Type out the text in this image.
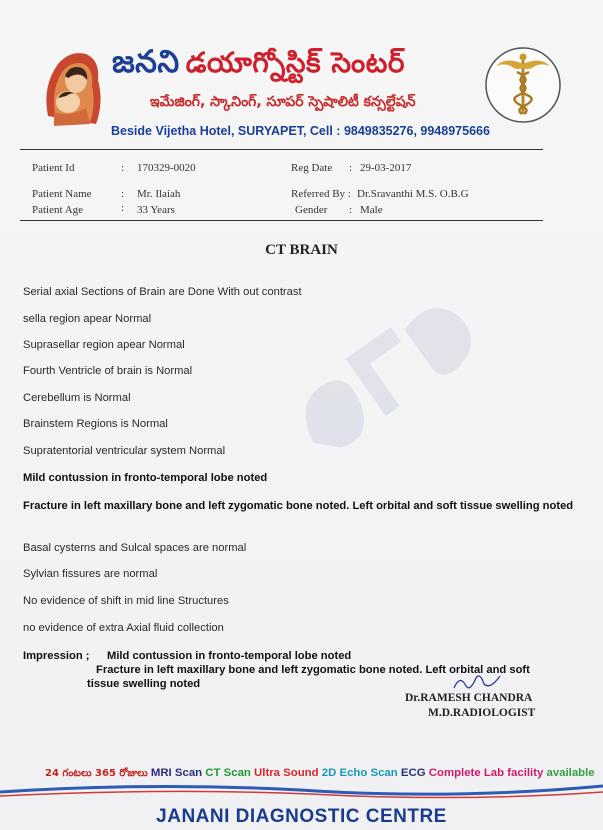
జనని డయాగ్నోస్టిక్ సెంటర్
ఇమేజింగ్, స్కానింగ్, సూపర్ స్పెషాలిటీ కన్సల్టేషన్
Beside Vijetha Hotel, SURYAPET, Cell : 9849835276, 9948975666
Patient Id	: 170329-0020	Reg Date : 29-03-2017
Patient Name	: Mr. Ilaiah	Referred By : Dr.Sravanthi M.S. O.B.G
Patient Age	: 33 Years	Gender : Male
CT BRAIN
Serial axial Sections of Brain are Done With out contrast
sella region apear Normal
Suprasellar region apear Normal
Fourth Ventricle of brain is Normal
Cerebellum is Normal
Brainstem Regions is Normal
Supratentorial ventricular system Normal
Mild contussion in fronto-temporal lobe noted
Fracture in left maxillary bone and left zygomatic bone noted. Left orbital and soft tissue swelling noted
Basal cysterns and Sulcal spaces are normal
Sylvian fissures are normal
No evidence of shift in mid line Structures
no evidence of extra Axial fluid collection
Impression ; Mild contussion in fronto-temporal lobe noted
Fracture in left maxillary bone and left zygomatic bone noted. Left orbital and soft
tissue swelling noted
Dr.RAMESH CHANDRA
M.D.RADIOLOGIST
24 గంటలు 365 రోజులు MRI Scan CT Scan Ultra Sound 2D Echo Scan ECG Complete Lab facility available
JANANI DIAGNOSTIC CENTRE
